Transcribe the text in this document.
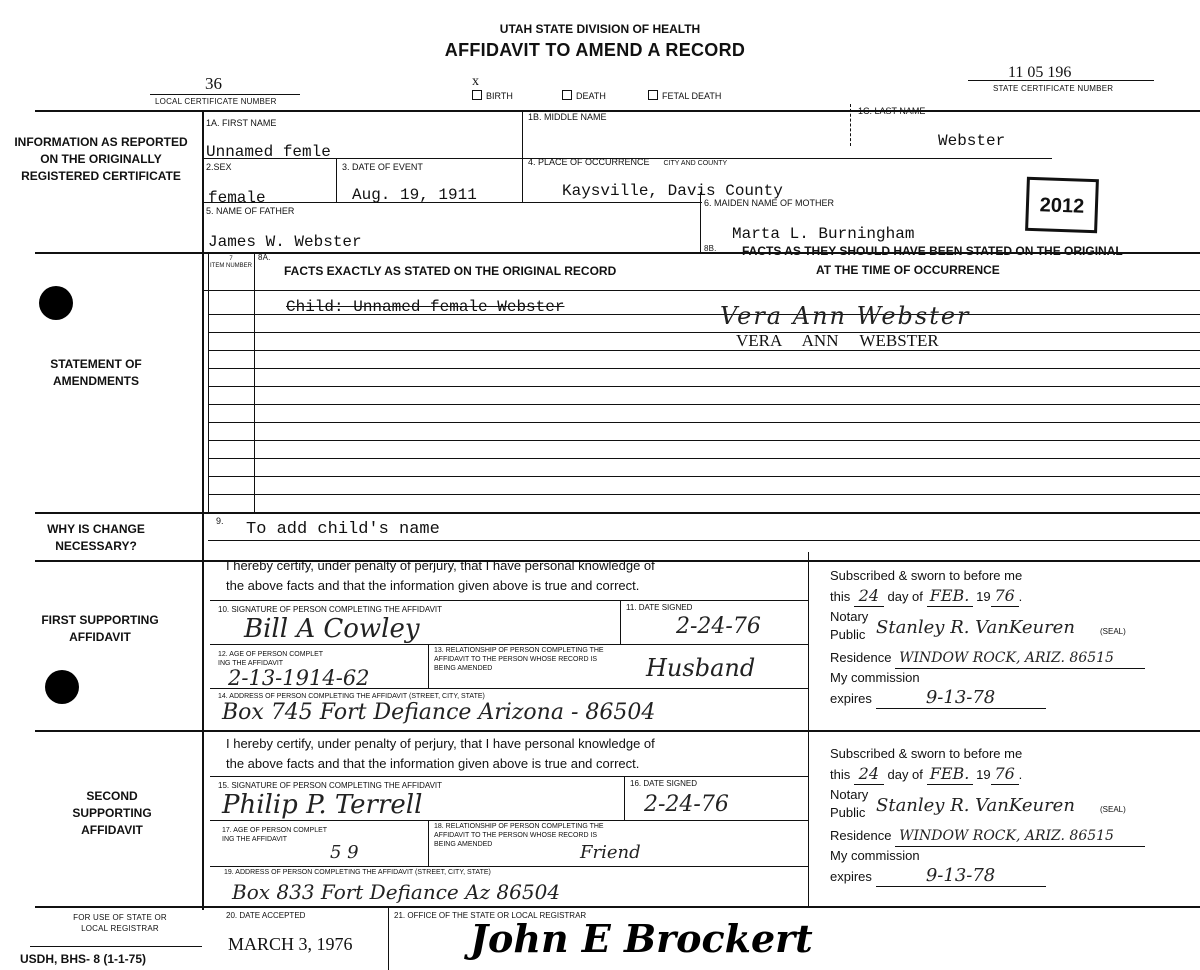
UTAH STATE DIVISION OF HEALTH
AFFIDAVIT TO AMEND A RECORD
36
LOCAL CERTIFICATE NUMBER
x
BIRTH	DEATH	FETAL DEATH
11 05 196
STATE CERTIFICATE NUMBER
INFORMATION AS REPORTED ON THE ORIGINALLY REGISTERED CERTIFICATE
STATEMENT OF AMENDMENTS
WHY IS CHANGE NECESSARY?
FIRST SUPPORTING AFFIDAVIT
SECOND SUPPORTING AFFIDAVIT
FOR USE OF STATE OR LOCAL REGISTRAR
USDH, BHS- 8 (1-1-75)
1A. FIRST NAME
Unnamed femle
1B. MIDDLE NAME
1C. LAST NAME
Webster
2.SEX
female
3. DATE OF EVENT
Aug. 19, 1911
4. PLACE OF OCCURRENCE CITY AND COUNTY
Kaysville, Davis County
5. NAME OF FATHER
James W. Webster
6. MAIDEN NAME OF MOTHER
Marta L. Burningham
2012
7
ITEM NUMBER
8A.
FACTS EXACTLY AS STATED ON THE ORIGINAL RECORD
8B. FACTS AS THEY SHOULD HAVE BEEN STATED ON THE ORIGINAL
AT THE TIME OF OCCURRENCE
Child: Unnamed female Webster	Vera Ann Webster
VERA     ANN     WEBSTER
9. To add child's name
I hereby certify, under penalty of perjury, that I have personal knowledge of
the above facts and that the information given above is true and correct.
10. SIGNATURE OF PERSON COMPLETING THE AFFIDAVIT
Bill A Cowley
11. DATE SIGNED
2-24-76
12. AGE OF PERSON COMPLET
ING THE AFFIDAVIT
2-13-1914-62
13. RELATIONSHIP OF PERSON COMPLETING THE
AFFIDAVIT TO THE PERSON WHOSE RECORD IS
BEING AMENDED	Husband
14. ADDRESS OF PERSON COMPLETING THE AFFIDAVIT (STREET, CITY, STATE)
Box 745 Fort Defiance Arizona - 86504
Subscribed & sworn to before me
this 24 day of FEB. 19 76 .
Notary
Public Stanley R. VanKeuren	(SEAL)
Residence WINDOW ROCK, ARIZ. 86515
My commission
expires	9-13-78
I hereby certify, under penalty of perjury, that I have personal knowledge of
the above facts and that the information given above is true and correct.
15. SIGNATURE OF PERSON COMPLETING THE AFFIDAVIT
Philip P. Terrell
16. DATE SIGNED
2-24-76
17. AGE OF PERSON COMPLET
ING THE AFFIDAVIT
5 9
18. RELATIONSHIP OF PERSON COMPLETING THE
AFFIDAVIT TO THE PERSON WHOSE RECORD IS
BEING AMENDED	Friend
19. ADDRESS OF PERSON COMPLETING THE AFFIDAVIT (STREET, CITY, STATE)
Box 833 Fort Defiance Az 86504
Subscribed & sworn to before me
this 24 day of FEB. 19 76 .
Notary
Public Stanley R. VanKeuren	(SEAL)
Residence WINDOW ROCK, ARIZ. 86515
My commission
expires	9-13-78
20. DATE ACCEPTED
MARCH 3, 1976
21. OFFICE OF THE STATE OR LOCAL REGISTRAR
John E Brockert
